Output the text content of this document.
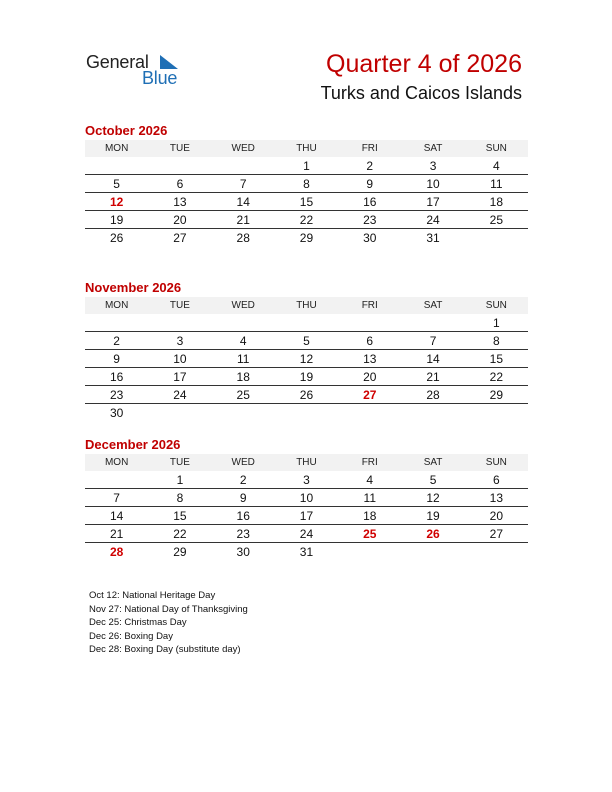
General
Blue	Quarter 4 of 2026
Turks and Caicos Islands
October 2026
MON	TUE	WED	THU	FRI	SAT	SUN
			1	2	3	4
5	6	7	8	9	10	11
12	13	14	15	16	17	18
19	20	21	22	23	24	25
26	27	28	29	30	31	
November 2026
MON	TUE	WED	THU	FRI	SAT	SUN
						1
2	3	4	5	6	7	8
9	10	11	12	13	14	15
16	17	18	19	20	21	22
23	24	25	26	27	28	29
30						
December 2026
MON	TUE	WED	THU	FRI	SAT	SUN
	1	2	3	4	5	6
7	8	9	10	11	12	13
14	15	16	17	18	19	20
21	22	23	24	25	26	27
28	29	30	31			
Oct 12: National Heritage Day
Nov 27: National Day of Thanksgiving
Dec 25: Christmas Day
Dec 26: Boxing Day
Dec 28: Boxing Day (substitute day)
